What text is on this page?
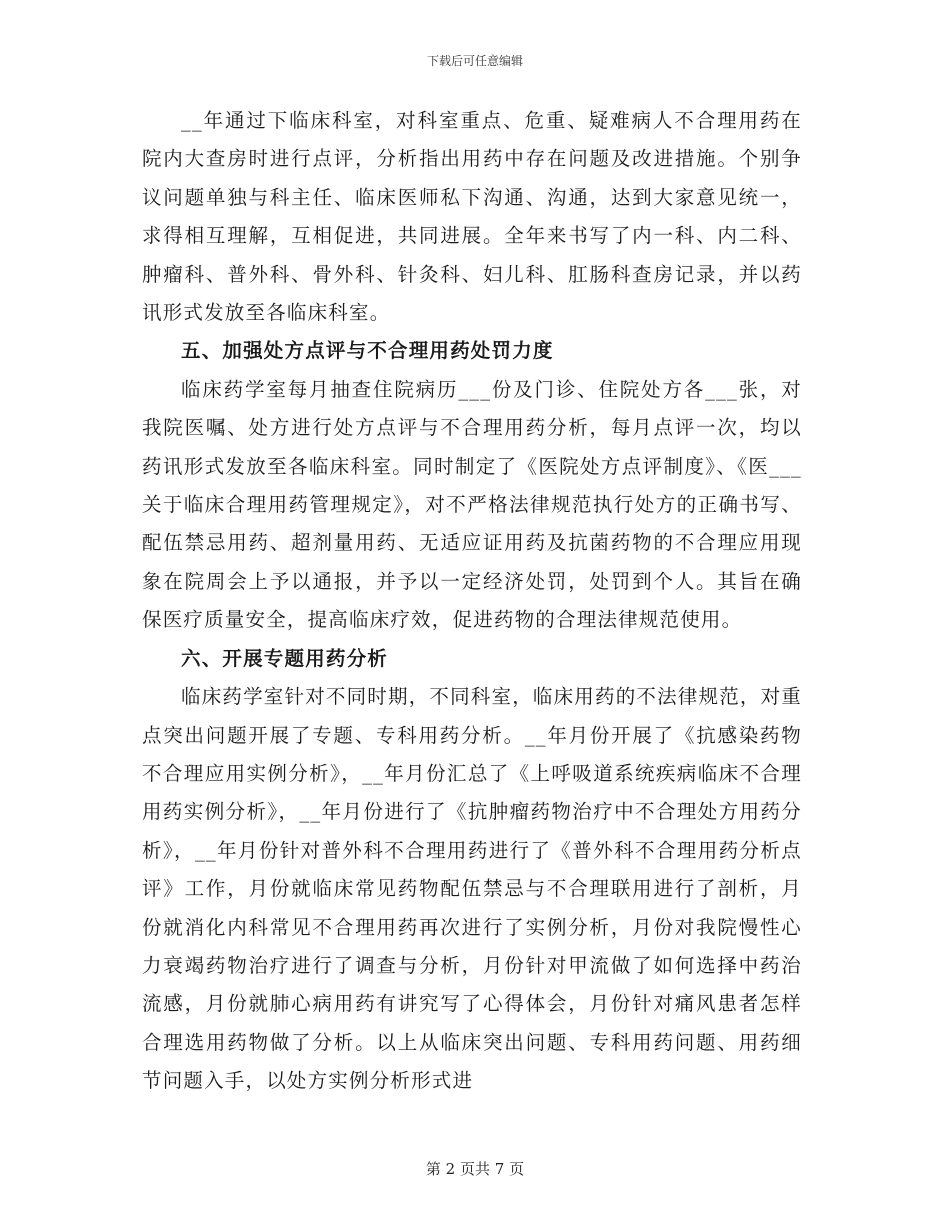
下载后可任意编辑

__年通过下临床科室，对科室重点、危重、疑难病人不合理用药在院内大查房时进行点评，分析指出用药中存在问题及改进措施。个别争议问题单独与科主任、临床医师私下沟通、沟通，达到大家意见统一，求得相互理解，互相促进，共同进展。全年来书写了内一科、内二科、肿瘤科、普外科、骨外科、针灸科、妇儿科、肛肠科查房记录，并以药讯形式发放至各临床科室。

五、加强处方点评与不合理用药处罚力度

临床药学室每月抽查住院病历___份及门诊、住院处方各___张，对我院医嘱、处方进行处方点评与不合理用药分析，每月点评一次，均以药讯形式发放至各临床科室。同时制定了《医院处方点评制度》、《医___关于临床合理用药管理规定》，对不严格法律规范执行处方的正确书写、配伍禁忌用药、超剂量用药、无适应证用药及抗菌药物的不合理应用现象在院周会上予以通报，并予以一定经济处罚，处罚到个人。其旨在确保医疗质量安全，提高临床疗效，促进药物的合理法律规范使用。

六、开展专题用药分析

临床药学室针对不同时期，不同科室，临床用药的不法律规范，对重点突出问题开展了专题、专科用药分析。__年月份开展了《抗感染药物不合理应用实例分析》，__年月份汇总了《上呼吸道系统疾病临床不合理用药实例分析》，__年月份进行了《抗肿瘤药物治疗中不合理处方用药分析》，__年月份针对普外科不合理用药进行了《普外科不合理用药分析点评》工作，月份就临床常见药物配伍禁忌与不合理联用进行了剖析，月份就消化内科常见不合理用药再次进行了实例分析，月份对我院慢性心力衰竭药物治疗进行了调查与分析，月份针对甲流做了如何选择中药治流感，月份就肺心病用药有讲究写了心得体会，月份针对痛风患者怎样合理选用药物做了分析。以上从临床突出问题、专科用药问题、用药细节问题入手，以处方实例分析形式进

第 2 页共 7 页
